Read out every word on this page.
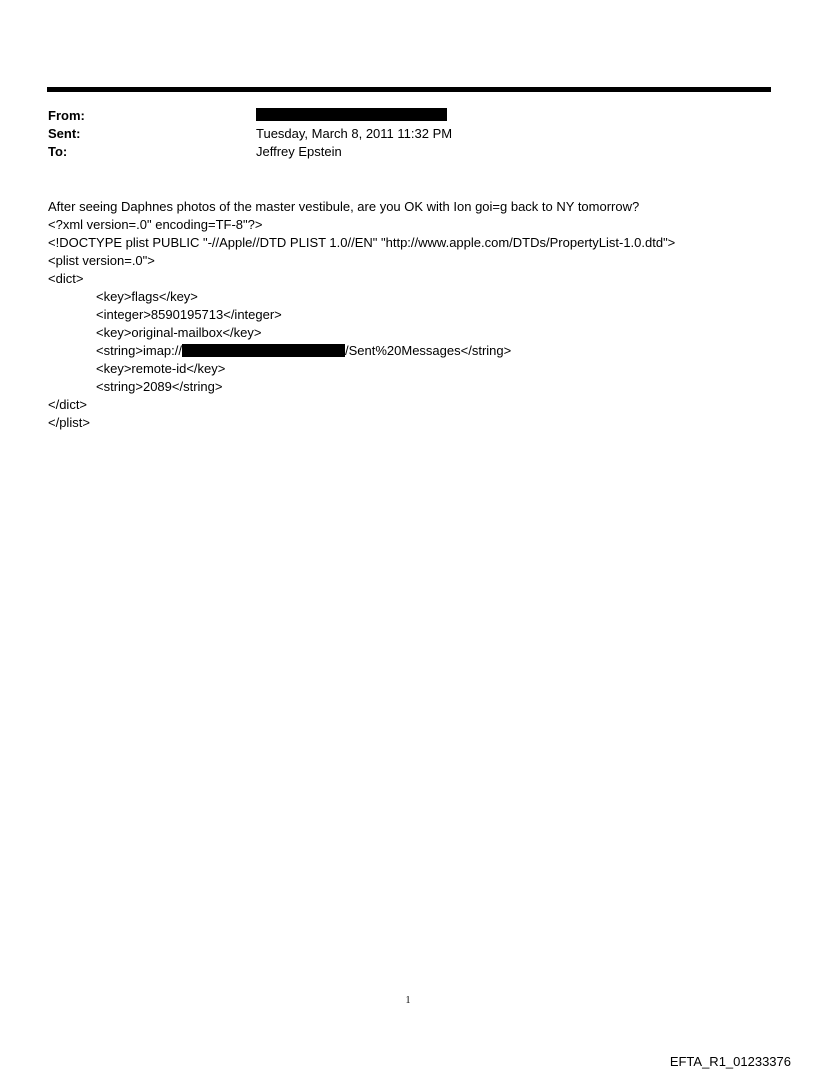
From:
Sent:	Tuesday, March 8, 2011 11:32 PM
To:	Jeffrey Epstein
After seeing Daphnes photos of the master vestibule, are you OK with Ion goi=g back to NY tomorrow?
<?xml version=.0" encoding=TF-8"?>
<!DOCTYPE plist PUBLIC "-//Apple//DTD PLIST 1.0//EN" "http://www.apple.com/DTDs/PropertyList-1.0.dtd">
<plist version=.0">
<dict>
<key>flags</key>
<integer>8590195713</integer>
<key>original-mailbox</key>
<string>imap://	/Sent%20Messages</string>
<key>remote-id</key>
<string>2089</string>
</dict>
</plist>
1
EFTA_R1_01233376
